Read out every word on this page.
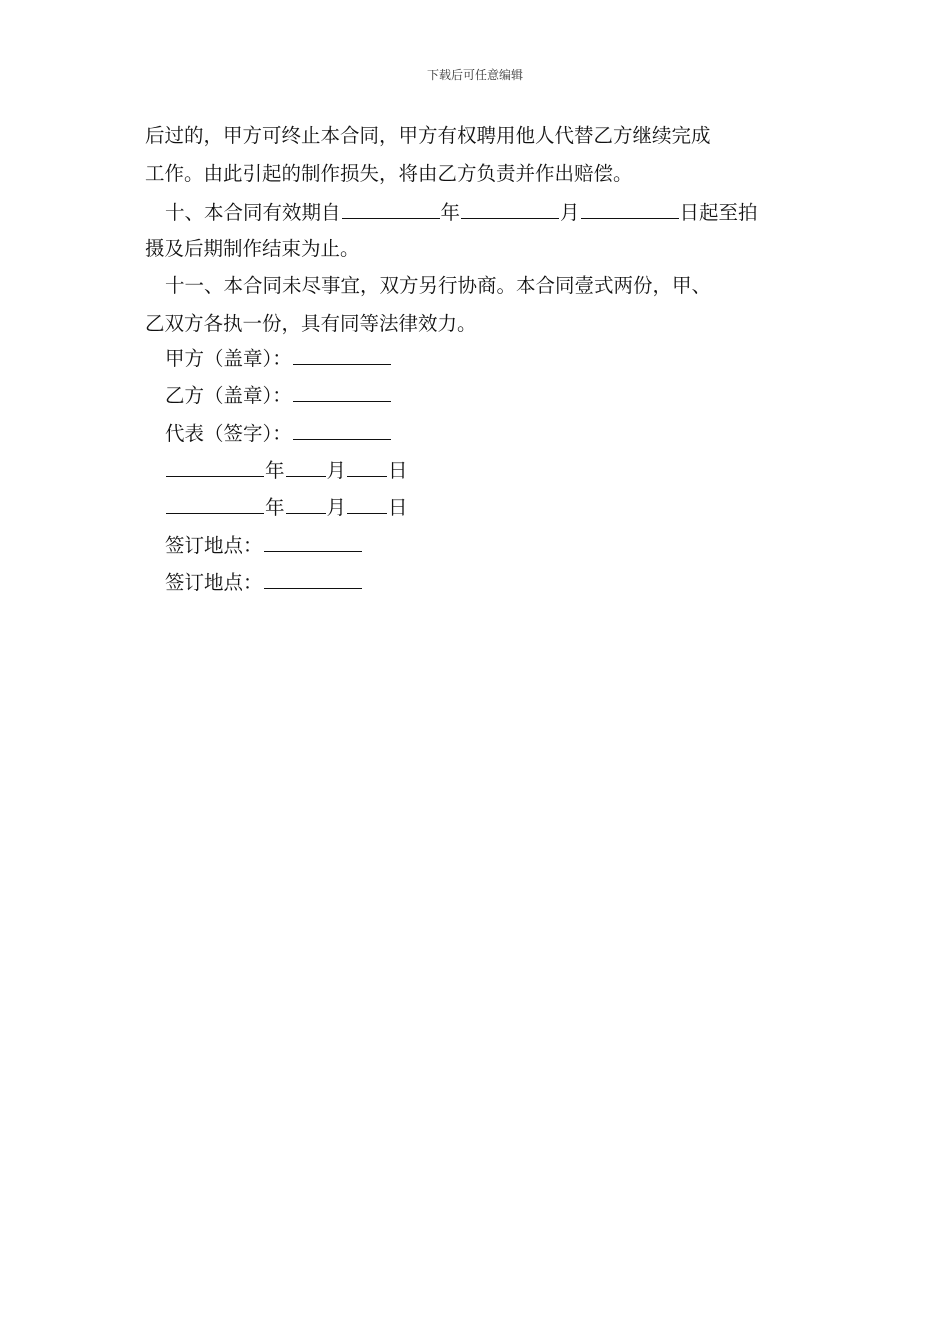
下载后可任意编辑
后过的，甲方可终止本合同，甲方有权聘用他人代替乙方继续完成
工作。由此引起的制作损失，将由乙方负责并作出赔偿。
十、本合同有效期自	年	月	日起至拍
摄及后期制作结束为止。
十一、本合同未尽事宜，双方另行协商。本合同壹式两份，甲、
乙双方各执一份，具有同等法律效力。
甲方（盖章）：
乙方（盖章）：
代表（签字）：
年 月 日
年 月 日
签订地点：
签订地点：
